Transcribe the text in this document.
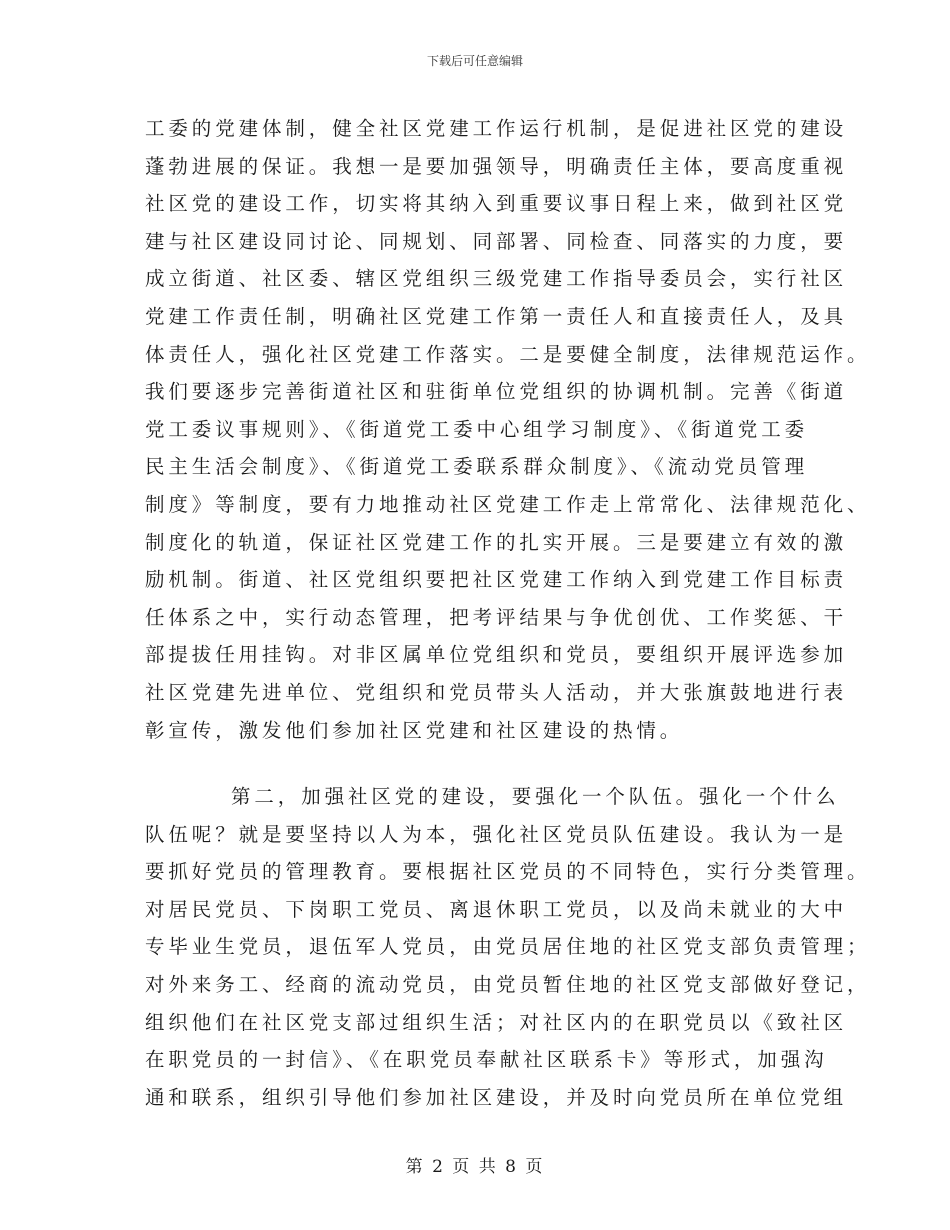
下载后可任意编辑
工委的党建体制，健全社区党建工作运行机制，是促进社区党的建设
蓬勃进展的保证。我想一是要加强领导，明确责任主体，要高度重视
社区党的建设工作，切实将其纳入到重要议事日程上来，做到社区党
建与社区建设同讨论、同规划、同部署、同检查、同落实的力度，要
成立街道、社区委、辖区党组织三级党建工作指导委员会，实行社区
党建工作责任制，明确社区党建工作第一责任人和直接责任人，及具
体责任人，强化社区党建工作落实。二是要健全制度，法律规范运作。
我们要逐步完善街道社区和驻街单位党组织的协调机制。完善《街道
党工委议事规则》、《街道党工委中心组学习制度》、《街道党工委
民主生活会制度》、《街道党工委联系群众制度》、《流动党员管理
制度》等制度，要有力地推动社区党建工作走上常常化、法律规范化、
制度化的轨道，保证社区党建工作的扎实开展。三是要建立有效的激
励机制。街道、社区党组织要把社区党建工作纳入到党建工作目标责
任体系之中，实行动态管理，把考评结果与争优创优、工作奖惩、干
部提拔任用挂钩。对非区属单位党组织和党员，要组织开展评选参加
社区党建先进单位、党组织和党员带头人活动，并大张旗鼓地进行表
彰宣传，激发他们参加社区党建和社区建设的热情。
第二，加强社区党的建设，要强化一个队伍。强化一个什么
队伍呢？就是要坚持以人为本，强化社区党员队伍建设。我认为一是
要抓好党员的管理教育。要根据社区党员的不同特色，实行分类管理。
对居民党员、下岗职工党员、离退休职工党员，以及尚未就业的大中
专毕业生党员，退伍军人党员，由党员居住地的社区党支部负责管理；
对外来务工、经商的流动党员，由党员暂住地的社区党支部做好登记，
组织他们在社区党支部过组织生活；对社区内的在职党员以《致社区
在职党员的一封信》、《在职党员奉献社区联系卡》等形式，加强沟
通和联系，组织引导他们参加社区建设，并及时向党员所在单位党组
第 2 页 共 8 页
